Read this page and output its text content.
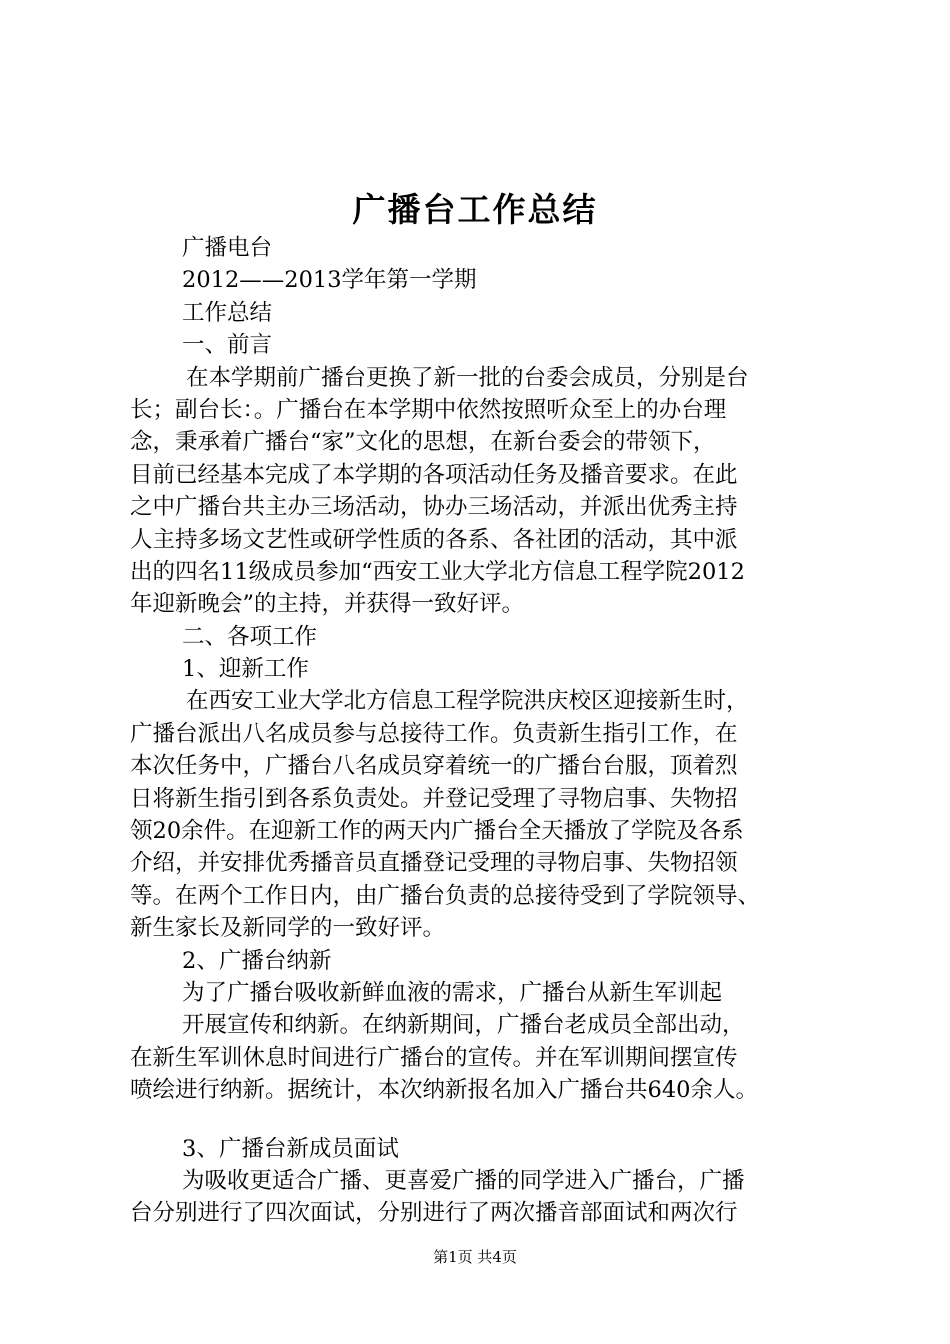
广播台工作总结
广播电台
2012——2013学年第一学期
工作总结
一、前言
在本学期前广播台更换了新一批的台委会成员，分别是台
长；副台长：。广播台在本学期中依然按照听众至上的办台理
念，秉承着广播台“家”文化的思想，在新台委会的带领下，
目前已经基本完成了本学期的各项活动任务及播音要求。在此
之中广播台共主办三场活动，协办三场活动，并派出优秀主持
人主持多场文艺性或研学性质的各系、各社团的活动，其中派
出的四名11级成员参加“西安工业大学北方信息工程学院2012
年迎新晚会”的主持，并获得一致好评。
二、各项工作
1、迎新工作
在西安工业大学北方信息工程学院洪庆校区迎接新生时，
广播台派出八名成员参与总接待工作。负责新生指引工作，在
本次任务中，广播台八名成员穿着统一的广播台台服，顶着烈
日将新生指引到各系负责处。并登记受理了寻物启事、失物招
领20余件。在迎新工作的两天内广播台全天播放了学院及各系
介绍，并安排优秀播音员直播登记受理的寻物启事、失物招领
等。在两个工作日内，由广播台负责的总接待受到了学院领导、
新生家长及新同学的一致好评。
2、广播台纳新
为了广播台吸收新鲜血液的需求，广播台从新生军训起
开展宣传和纳新。在纳新期间，广播台老成员全部出动，
在新生军训休息时间进行广播台的宣传。并在军训期间摆宣传
喷绘进行纳新。据统计，本次纳新报名加入广播台共640余人。
3、广播台新成员面试
为吸收更适合广播、更喜爱广播的同学进入广播台，广播
台分别进行了四次面试，分别进行了两次播音部面试和两次行
第1页 共4页
